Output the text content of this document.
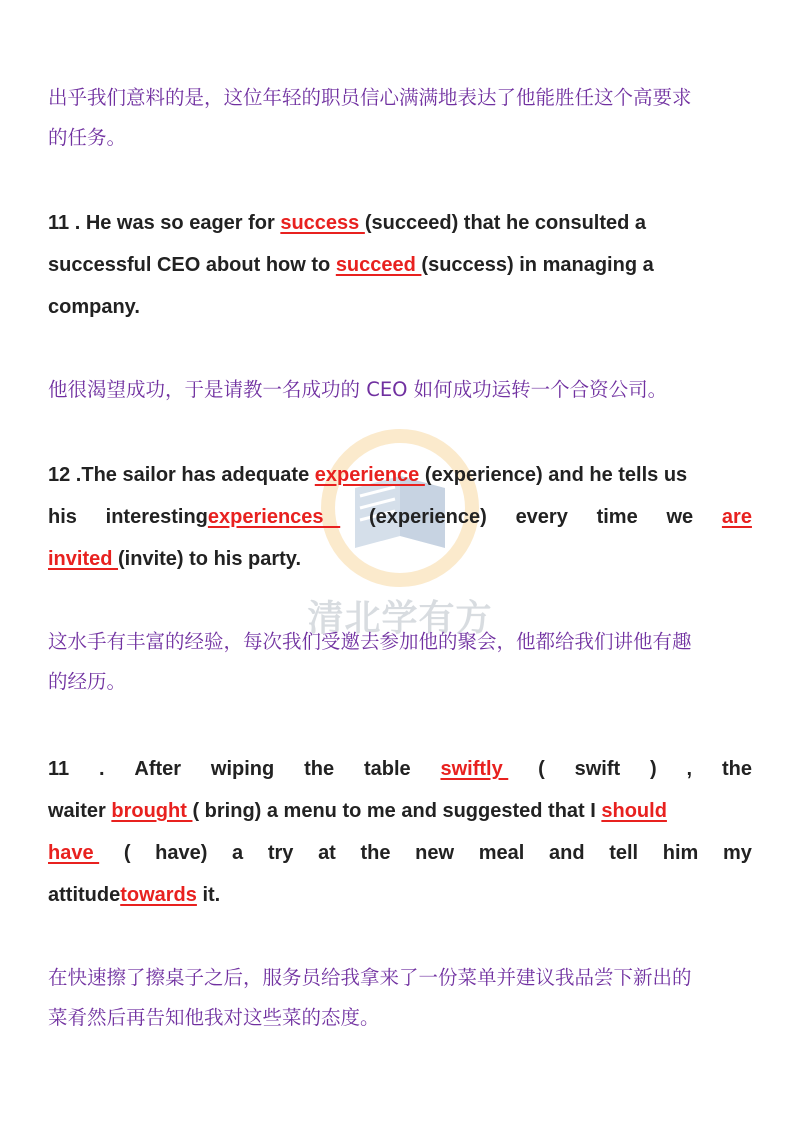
清北学有方
出乎我们意料的是，这位年轻的职员信心满满地表达了他能胜任这个高要求
的任务。
11 . He was so eager for success (succeed) that he consulted a
successful CEO about how to succeed (success) in managing a
company.
他很渴望成功，于是请教一名成功的 CEO 如何成功运转一个合资公司。
12 .The sailor has adequate experience (experience) and he tells us
his interestingexperiences (experience) every time we are
invited (invite) to his party.
这水手有丰富的经验，每次我们受邀去参加他的聚会，他都给我们讲他有趣
的经历。
11 . After wiping the table swiftly ( swift ) , the
waiter brought ( bring) a menu to me and suggested that I should
have ( have) a try at the new meal and tell him my
attitude towards it.
在快速擦了擦桌子之后，服务员给我拿来了一份菜单并建议我品尝下新出的
菜肴然后再告知他我对这些菜的态度。
